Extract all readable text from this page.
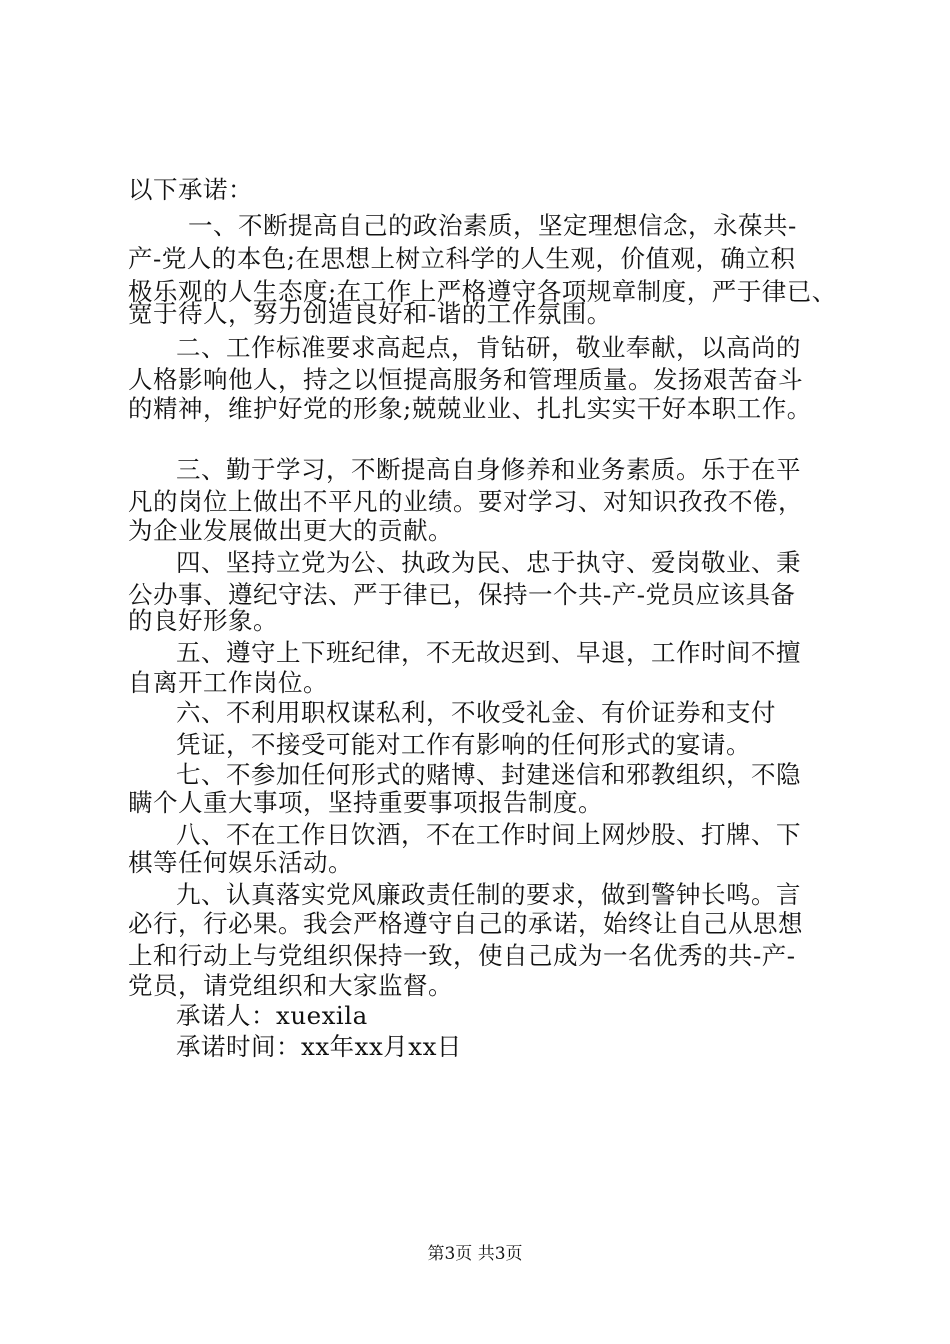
以下承诺：
一、不断提高自己的政治素质，坚定理想信念，永葆共-
产-党人的本色;在思想上树立科学的人生观，价值观，确立积
极乐观的人生态度;在工作上严格遵守各项规章制度，严于律已、
宽于待人，努力创造良好和-谐的工作氛围。
二、工作标准要求高起点，肯钻研，敬业奉献，以高尚的
人格影响他人，持之以恒提高服务和管理质量。发扬艰苦奋斗
的精神，维护好党的形象;兢兢业业、扎扎实实干好本职工作。
三、勤于学习，不断提高自身修养和业务素质。乐于在平
凡的岗位上做出不平凡的业绩。要对学习、对知识孜孜不倦，
为企业发展做出更大的贡献。
四、坚持立党为公、执政为民、忠于执守、爱岗敬业、秉
公办事、遵纪守法、严于律已，保持一个共-产-党员应该具备
的良好形象。
五、遵守上下班纪律，不无故迟到、早退，工作时间不擅
自离开工作岗位。
六、不利用职权谋私利，不收受礼金、有价证券和支付
凭证，不接受可能对工作有影响的任何形式的宴请。
七、不参加任何形式的赌博、封建迷信和邪教组织，不隐
瞒个人重大事项，坚持重要事项报告制度。
八、不在工作日饮酒，不在工作时间上网炒股、打牌、下
棋等任何娱乐活动。
九、认真落实党风廉政责任制的要求，做到警钟长鸣。言
必行，行必果。我会严格遵守自己的承诺，始终让自己从思想
上和行动上与党组织保持一致，使自己成为一名优秀的共-产-
党员，请党组织和大家监督。
承诺人：xuexila
承诺时间：xx年xx月xx日
第3页 共3页
